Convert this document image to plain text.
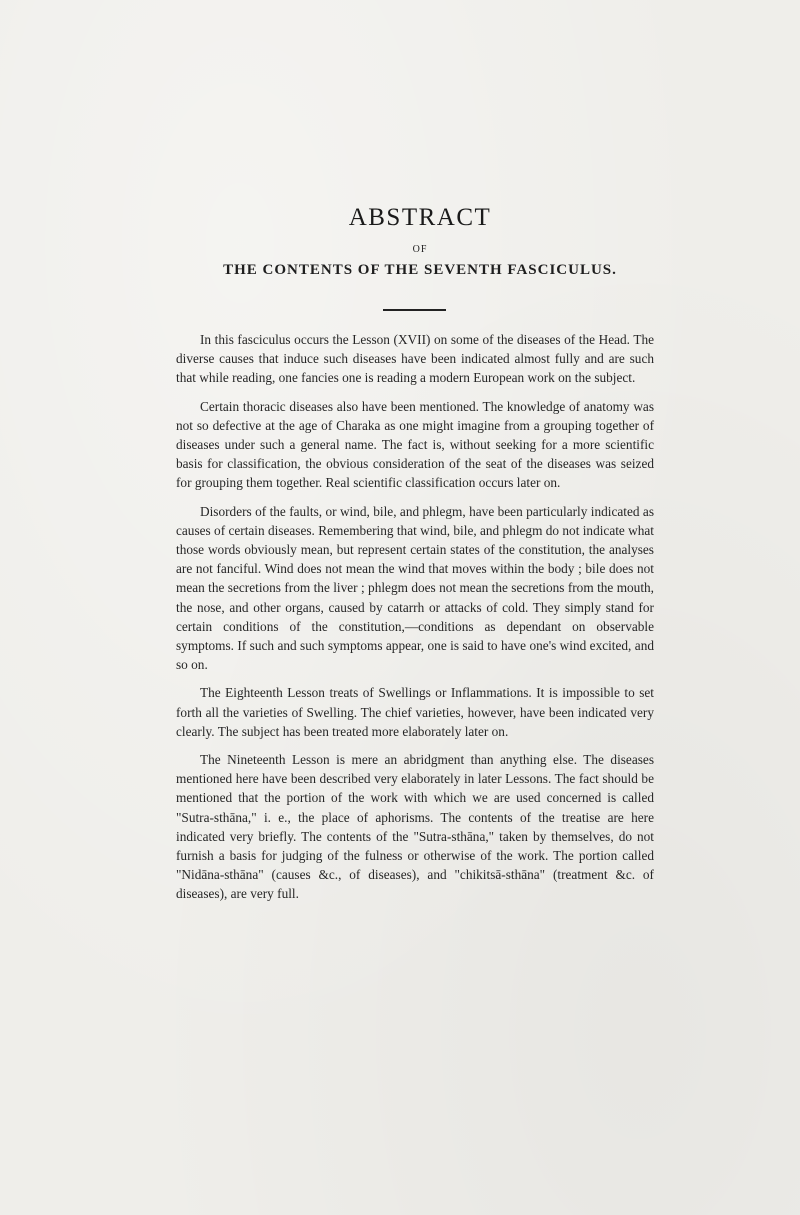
ABSTRACT
OF
THE CONTENTS OF THE SEVENTH FASCICULUS.

In this fasciculus occurs the Lesson (XVII) on some of the diseases of the Head. The diverse causes that induce such diseases have been indicated almost fully and are such that while reading, one fancies one is reading a modern European work on the subject.

Certain thoracic diseases also have been mentioned. The knowledge of anatomy was not so defective at the age of Charaka as one might imagine from a grouping together of diseases under such a general name. The fact is, without seeking for a more scientific basis for classification, the obvious consideration of the seat of the diseases was seized for grouping them together. Real scientific classification occurs later on.

Disorders of the faults, or wind, bile, and phlegm, have been particularly indicated as causes of certain diseases. Remembering that wind, bile, and phlegm do not indicate what those words obviously mean, but represent certain states of the constitution, the analyses are not fanciful. Wind does not mean the wind that moves within the body ; bile does not mean the secretions from the liver ; phlegm does not mean the secretions from the mouth, the nose, and other organs, caused by catarrh or attacks of cold. They simply stand for certain conditions of the constitution,—conditions as dependant on observable symptoms. If such and such symptoms appear, one is said to have one's wind excited, and so on.

The Eighteenth Lesson treats of Swellings or Inflammations. It is impossible to set forth all the varieties of Swelling. The chief varieties, however, have been indicated very clearly. The subject has been treated more elaborately later on.

The Nineteenth Lesson is mere an abridgment than anything else. The diseases mentioned here have been described very elaborately in later Lessons. The fact should be mentioned that the portion of the work with which we are used concerned is called "Sutra-sthāna," i. e., the place of aphorisms. The contents of the treatise are here indicated very briefly. The contents of the "Sutra-sthāna," taken by themselves, do not furnish a basis for judging of the fulness or otherwise of the work. The portion called "Nidāna-sthāna" (causes &c., of diseases), and "chikitsā-sthāna" (treatment &c. of diseases), are very full.
